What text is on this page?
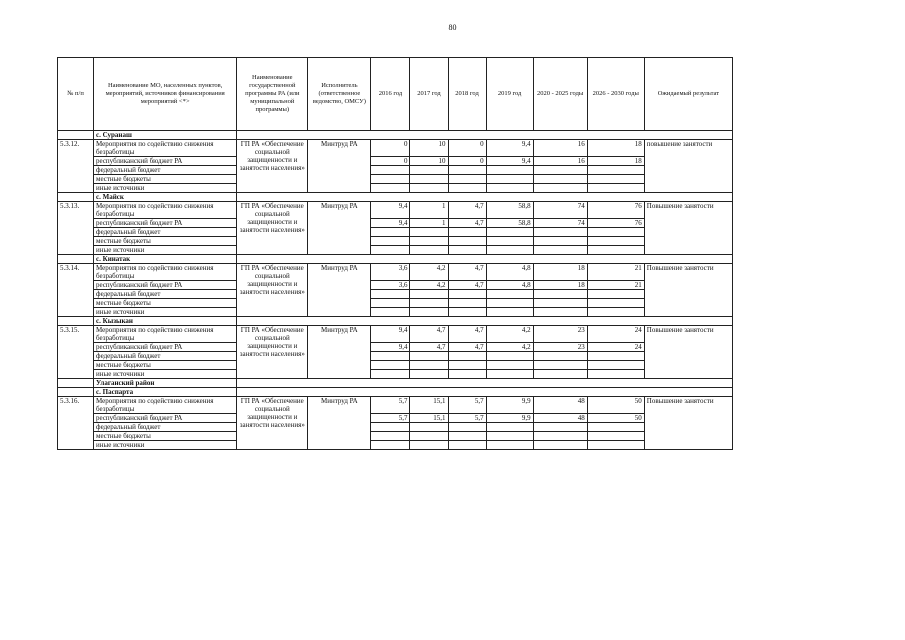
80
№ п/п	Наименование МО, населенных пунктов, мероприятий, источников финансирования мероприятий <*>	Наименование государственной программы РА (или муниципальной программы)	Исполнитель (ответственное ведомство, ОМСУ)	2016 год	2017 год	2018 год	2019 год	2020 - 2025 годы	2026 - 2030 годы	Ожидаемый результат
	с. Суранаш									
5.3.12.	Мероприятия по содействию снижения безработицы	ГП РА «Обеспечение социальной защищенности и занятости населения»	Минтруд РА	0	10	0	9,4	16	18	повышение занятости
	республиканский бюджет РА			0	10	0	9,4	16	18	
	федеральный бюджет									
	местные бюджеты									
	иные источники									
	с. Майск									
5.3.13.	Мероприятия по содействию снижения безработицы	ГП РА «Обеспечение социальной защищенности и занятости населения»	Минтруд РА	9,4	1	4,7	58,8	74	76	Повышение занятости
	республиканский бюджет РА			9,4	1	4,7	58,8	74	76	
	федеральный бюджет									
	местные бюджеты									
	иные источники									
	с. Кинатак									
5.3.14.	Мероприятия по содействию снижения безработицы	ГП РА «Обеспечение социальной защищенности и занятости населения»	Минтруд РА	3,6	4,2	4,7	4,8	18	21	Повышение занятости
	республиканский бюджет РА			3,6	4,2	4,7	4,8	18	21	
	федеральный бюджет									
	местные бюджеты									
	иные источники									
	с. Кызыкан									
5.3.15.	Мероприятия по содействию снижения безработицы	ГП РА «Обеспечение социальной защищенности и занятости населения»	Минтруд РА	9,4	4,7	4,7	4,2	23	24	Повышение занятости
	республиканский бюджет РА			9,4	4,7	4,7	4,2	23	24	
	федеральный бюджет									
	местные бюджеты									
	иные источники									
	Улаганский район									
	с. Паспарта									
5.3.16.	Мероприятия по содействию снижения безработицы	ГП РА «Обеспечение социальной защищенности и занятости населения»	Минтруд РА	5,7	15,1	5,7	9,9	48	50	Повышение занятости
	республиканский бюджет РА			5,7	15,1	5,7	9,9	48	50	
	федеральный бюджет									
	местные бюджеты									
	иные источники									
